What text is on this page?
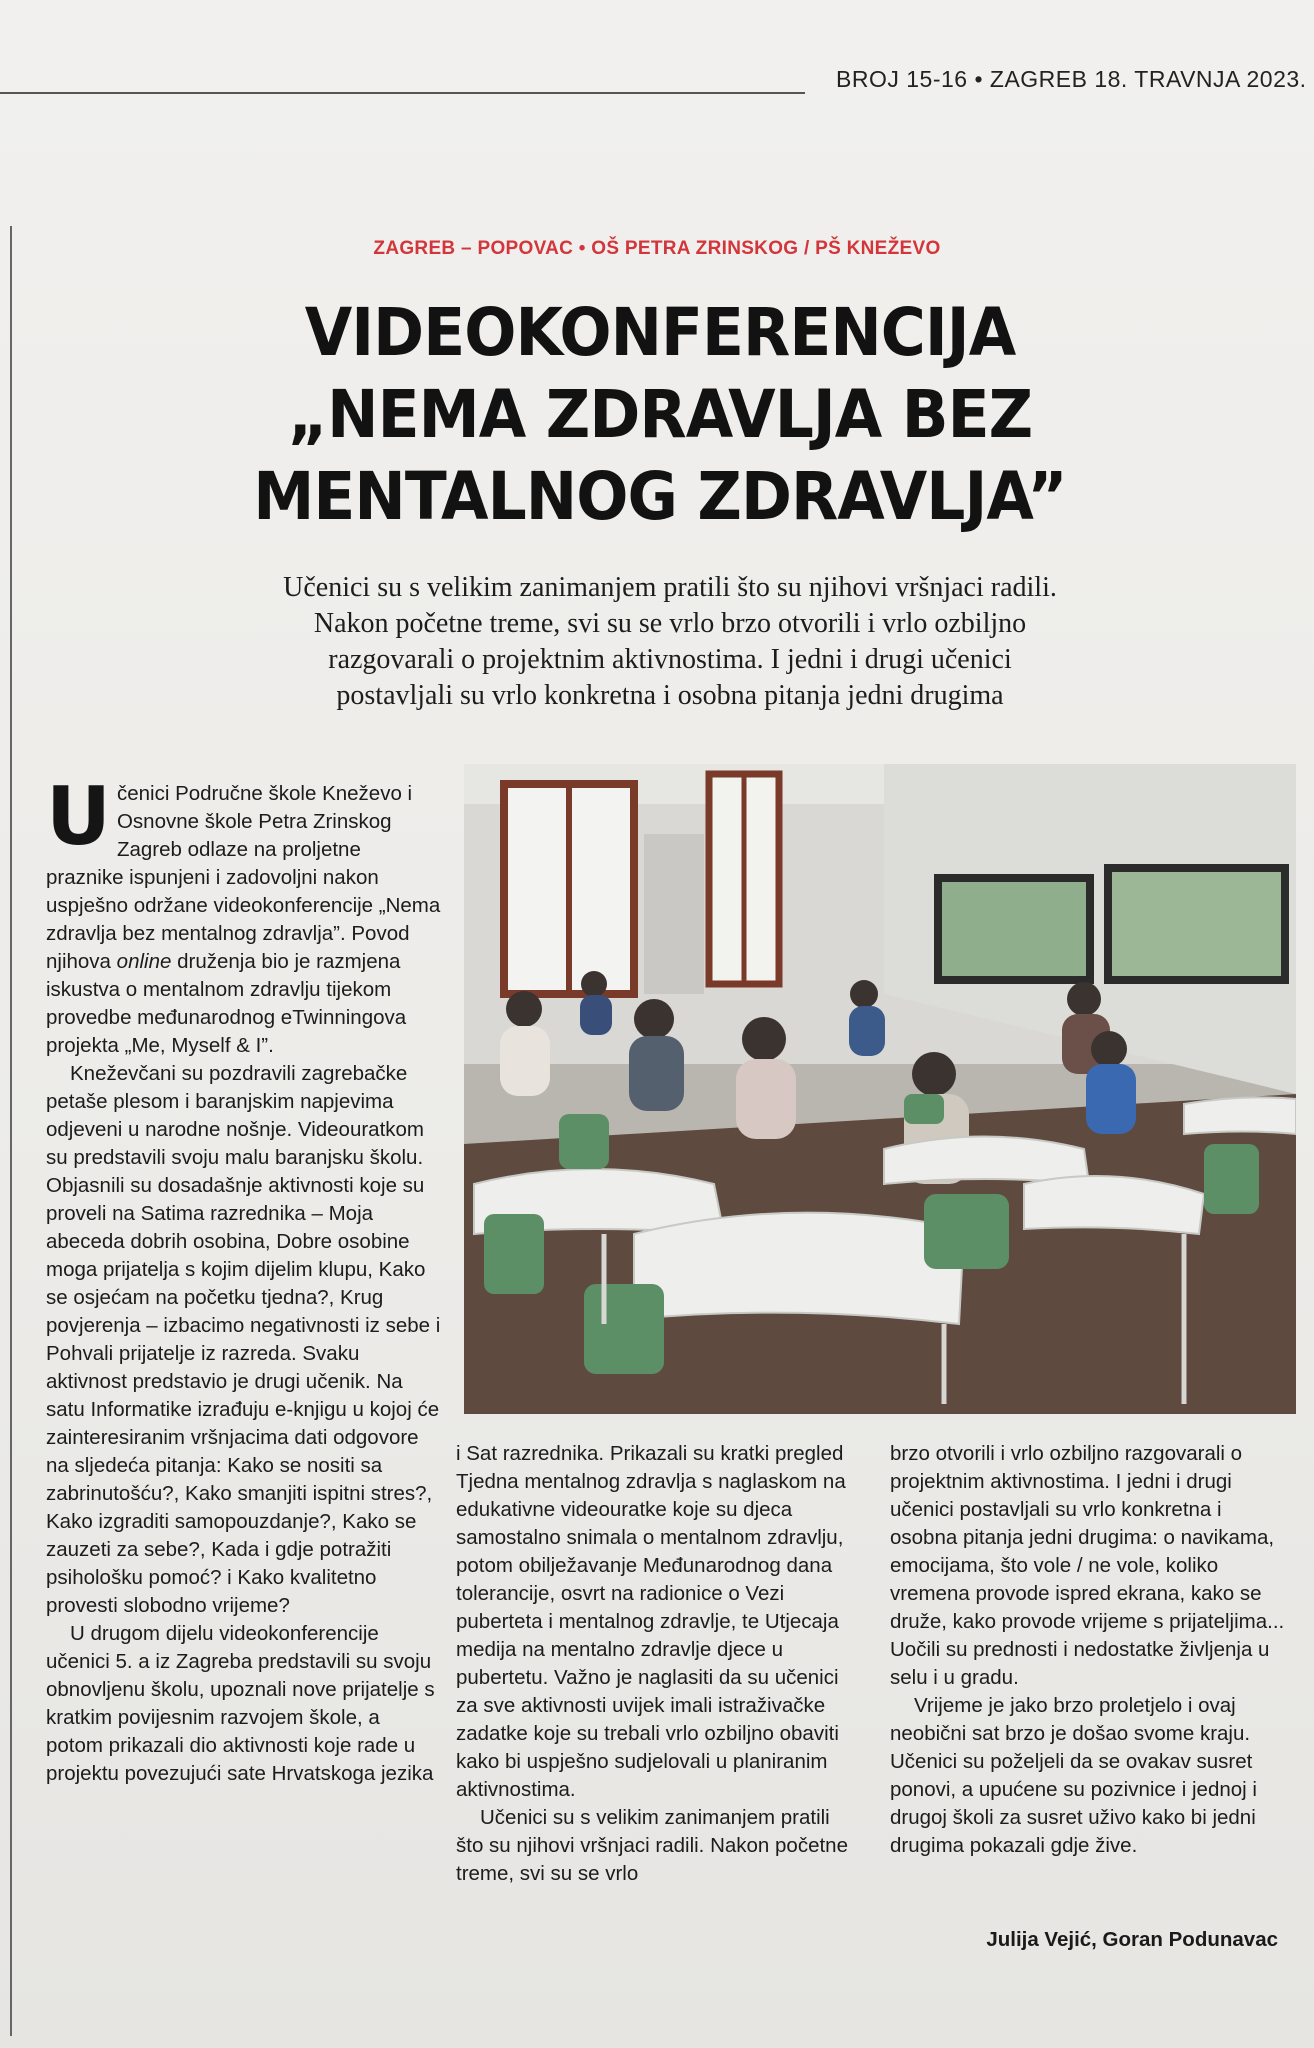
BROJ 15-16 • ZAGREB 18. TRAVNJA 2023.
ZAGREB – POPOVAC • OŠ PETRA ZRINSKOG / PŠ KNEŽEVO
VIDEOKONFERENCIJA
„NEMA ZDRAVLJA BEZ
MENTALNOG ZDRAVLJA”
Učenici su s velikim zanimanjem pratili što su njihovi vršnjaci radili.
Nakon početne treme, svi su se vrlo brzo otvorili i vrlo ozbiljno
razgovarali o projektnim aktivnostima. I jedni i drugi učenici
postavljali su vrlo konkretna i osobna pitanja jedni drugima

Učenici Područne škole Kneževo i Osnovne škole Petra Zrinskog Zagreb odlaze na proljetne praznike ispunjeni i zadovoljni nakon uspješno održane videokonferencije „Nema zdravlja bez mentalnog zdravlja”. Povod njihova online druženja bio je razmjena iskustva o mentalnom zdravlju tijekom provedbe međunarodnog eTwinningova projekta „Me, Myself & I”.

Kneževčani su pozdravili zagrebačke petaše plesom i baranjskim napjevima odjeveni u narodne nošnje. Videouratkom su predstavili svoju malu baranjsku školu. Objasnili su dosadašnje aktivnosti koje su proveli na Satima razrednika – Moja abeceda dobrih osobina, Dobre osobine moga prijatelja s kojim dijelim klupu, Kako se osjećam na početku tjedna?, Krug povjerenja – izbacimo negativnosti iz sebe i Pohvali prijatelje iz razreda. Svaku aktivnost predstavio je drugi učenik. Na satu Informatike izrađuju e-knjigu u kojoj će zainteresiranim vršnjacima dati odgovore na sljedeća pitanja: Kako se nositi sa zabrinutošću?, Kako smanjiti ispitni stres?, Kako izgraditi samopouzdanje?, Kako se zauzeti za sebe?, Kada i gdje potražiti psihološku pomoć? i Kako kvalitetno provesti slobodno vrijeme?

U drugom dijelu videokonferencije učenici 5. a iz Zagreba predstavili su svoju obnovljenu školu, upoznali nove prijatelje s kratkim povijesnim razvojem škole, a potom prikazali dio aktivnosti koje rade u projektu povezujući sate Hrvatskoga jezika

i Sat razrednika. Prikazali su kratki pregled Tjedna mentalnog zdravlja s naglaskom na edukativne videouratke koje su djeca samostalno snimala o mentalnom zdravlju, potom obilježavanje Međunarodnog dana tolerancije, osvrt na radionice o Vezi puberteta i mentalnog zdravlje, te Utjecaja medija na mentalno zdravlje djece u pubertetu. Važno je naglasiti da su učenici za sve aktivnosti uvijek imali istraživačke zadatke koje su trebali vrlo ozbiljno obaviti kako bi uspješno sudjelovali u planiranim aktivnostima.

Učenici su s velikim zanimanjem pratili što su njihovi vršnjaci radili. Nakon početne treme, svi su se vrlo

brzo otvorili i vrlo ozbiljno razgovarali o projektnim aktivnostima. I jedni i drugi učenici postavljali su vrlo konkretna i osobna pitanja jedni drugima: o navikama, emocijama, što vole / ne vole, koliko vremena provode ispred ekrana, kako se druže, kako provode vrijeme s prijateljima... Uočili su prednosti i nedostatke življenja u selu i u gradu.

Vrijeme je jako brzo proletjelo i ovaj neobični sat brzo je došao svome kraju. Učenici su poželjeli da se ovakav susret ponovi, a upućene su pozivnice i jednoj i drugoj školi za susret uživo kako bi jedni drugima pokazali gdje žive.

Julija Vejić, Goran Podunavac
